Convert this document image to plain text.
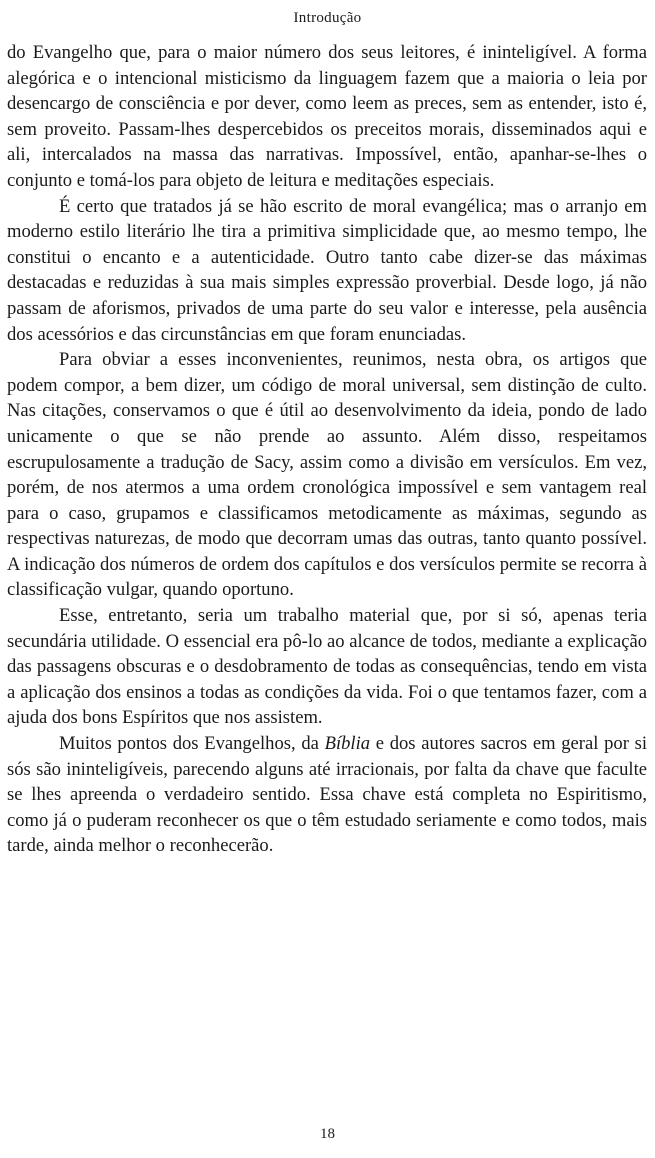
Introdução

do Evangelho que, para o maior número dos seus leitores, é ininteligível. A forma alegórica e o intencional misticismo da linguagem fazem que a maioria o leia por desencargo de consciência e por dever, como leem as preces, sem as entender, isto é, sem proveito. Passam-lhes despercebidos os preceitos morais, disseminados aqui e ali, intercalados na massa das narrativas. Impossível, então, apanhar-se-lhes o conjunto e tomá-los para objeto de leitura e meditações especiais.

É certo que tratados já se hão escrito de moral evangélica; mas o arranjo em moderno estilo literário lhe tira a primitiva simplicidade que, ao mesmo tempo, lhe constitui o encanto e a autenticidade. Outro tanto cabe dizer-se das máximas destacadas e reduzidas à sua mais simples expressão proverbial. Desde logo, já não passam de aforismos, privados de uma parte do seu valor e interesse, pela ausência dos acessórios e das circunstâncias em que foram enunciadas.

Para obviar a esses inconvenientes, reunimos, nesta obra, os artigos que podem compor, a bem dizer, um código de moral universal, sem distinção de culto. Nas citações, conservamos o que é útil ao desenvolvimento da ideia, pondo de lado unicamente o que se não prende ao assunto. Além disso, respeitamos escrupulosamente a tradução de Sacy, assim como a divisão em versículos. Em vez, porém, de nos atermos a uma ordem cronológica impossível e sem vantagem real para o caso, grupamos e classificamos metodicamente as máximas, segundo as respectivas naturezas, de modo que decorram umas das outras, tanto quanto possível. A indicação dos números de ordem dos capítulos e dos versículos permite se recorra à classificação vulgar, quando oportuno.

Esse, entretanto, seria um trabalho material que, por si só, apenas teria secundária utilidade. O essencial era pô-lo ao alcance de todos, mediante a explicação das passagens obscuras e o desdobramento de todas as consequências, tendo em vista a aplicação dos ensinos a todas as condições da vida. Foi o que tentamos fazer, com a ajuda dos bons Espíritos que nos assistem.

Muitos pontos dos Evangelhos, da Bíblia e dos autores sacros em geral por si sós são ininteligíveis, parecendo alguns até irracionais, por falta da chave que faculte se lhes apreenda o verdadeiro sentido. Essa chave está completa no Espiritismo, como já o puderam reconhecer os que o têm estudado seriamente e como todos, mais tarde, ainda melhor o reconhecerão.

18
